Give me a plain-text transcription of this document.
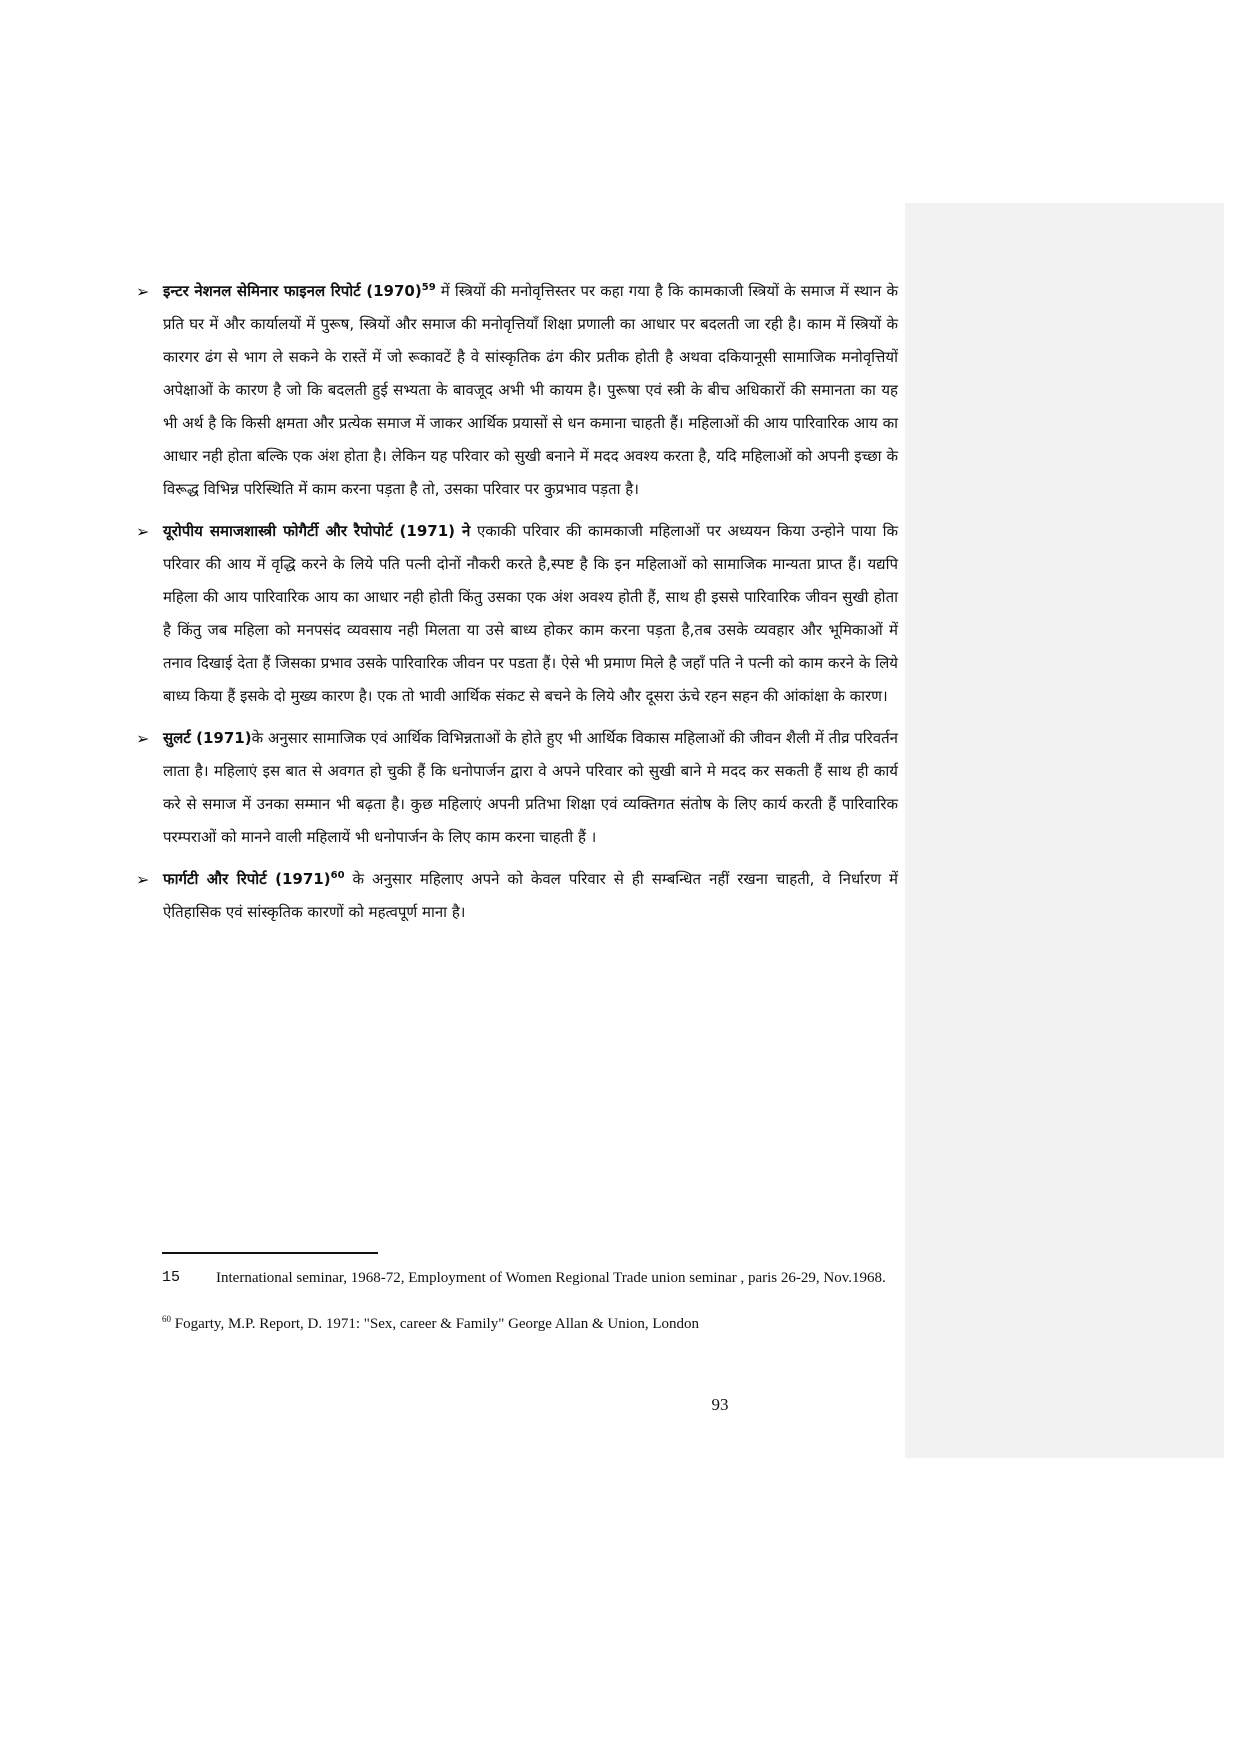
➢ इन्टर नेशनल सेमिनार फाइनल रिपोर्ट $(1970)^{59}$ में स्त्रियों की मनोवृत्तिस्तर पर कहा गया है कि कामकाजी स्त्रियों के समाज में स्थान के प्रति घर में और कार्यालयों में पुरूष, स्त्रियों और समाज की मनोवृत्तियॉं शिक्षा प्रणाली का आधार पर बदलती जा रही है। काम में स्त्रियों के कारगर ढंग से भाग ले सकने के रास्तें में जो रूकावटें है वे सांस्कृतिक ढंग कीर प्रतीक होती है अथवा दकियानूसी सामाजिक मनोवृत्तियों अपेक्षाओं के कारण है जो कि बदलती हुई सभ्यता के बावजूद अभी भी कायम है। पुरूषा एवं स्त्री के बीच अधिकारों की समानता का यह भी अर्थ है कि किसी क्षमता और प्रत्येक समाज में जाकर आर्थिक प्रयासों से धन कमाना चाहती हैं। महिलाओं की आय पारिवारिक आय का आधार नही होता बल्कि एक अंश होता है। लेकिन यह परिवार को सुखी बनाने में मदद अवश्य करता है, यदि महिलाओं को अपनी इच्छा के विरूद्ध विभिन्न परिस्थिति में काम करना पड़ता है तो, उसका परिवार पर कुप्रभाव पड़ता है।
➢ यूरोपीय समाजशास्त्री फोगैर्टी और रैपोपोर्ट (1971) ने एकाकी परिवार की कामकाजी महिलाओं पर अध्ययन किया उन्होने पाया कि परिवार की आय में वृद्धि करने के लिये पति पत्नी दोनों नौकरी करते है,स्पष्ट है कि इन महिलाओं को सामाजिक मान्यता प्राप्त हैं। यद्यपि महिला की आय पारिवारिक आय का आधार नही होती किंतु उसका एक अंश अवश्य होती हैं, साथ ही इससे पारिवारिक जीवन सुखी होता है किंतु जब महिला को मनपसंद व्यवसाय नही मिलता या उसे बाध्य होकर काम करना पड़ता है,तब उसके व्यवहार और भूमिकाओं में तनाव दिखाई देता हैं जिसका प्रभाव उसके पारिवारिक जीवन पर पडता हैं। ऐसे भी प्रमाण मिले है जहॉं पति ने पत्नी को काम करने के लिये बाध्य किया हैं इसके दो मुख्य कारण है। एक तो भावी आर्थिक संकट से बचने के लिये और दूसरा ऊंचे रहन सहन की आंकांक्षा के कारण।
➢ सुलर्ट (1971)के अनुसार सामाजिक एवं आर्थिक विभिन्नताओं के होते हुए भी आर्थिक विकास महिलाओं की जीवन शैली में तीव्र परिवर्तन लाता है। महिलाएं इस बात से अवगत हो चुकी हैं कि धनोपार्जन द्वारा वे अपने परिवार को सुखी बाने मे मदद कर सकती हैं साथ ही कार्य करे से समाज में उनका सम्मान भी बढ़ता है। कुछ महिलाएं अपनी प्रतिभा शिक्षा एवं व्यक्तिगत संतोष के लिए कार्य करती हैं पारिवारिक परम्पराओं को मानने वाली महिलायें भी धनोपार्जन के लिए काम करना चाहती हैं ।
➢ फार्गटी और रिपोर्ट $(1971)^{60}$ के अनुसार महिलाए अपने को केवल परिवार से ही सम्बन्धित नहीं रखना चाहती, वे निर्धारण में ऐतिहासिक एवं सांस्कृतिक कारणों को महत्वपूर्ण माना है।
15	International seminar, 1968-72, Employment of Women Regional Trade union seminar , paris 26-29, Nov.1968.
$^{60}$ Fogarty, M.P. Report, D. 1971: "Sex, career & Family" George Allan & Union, London
93
